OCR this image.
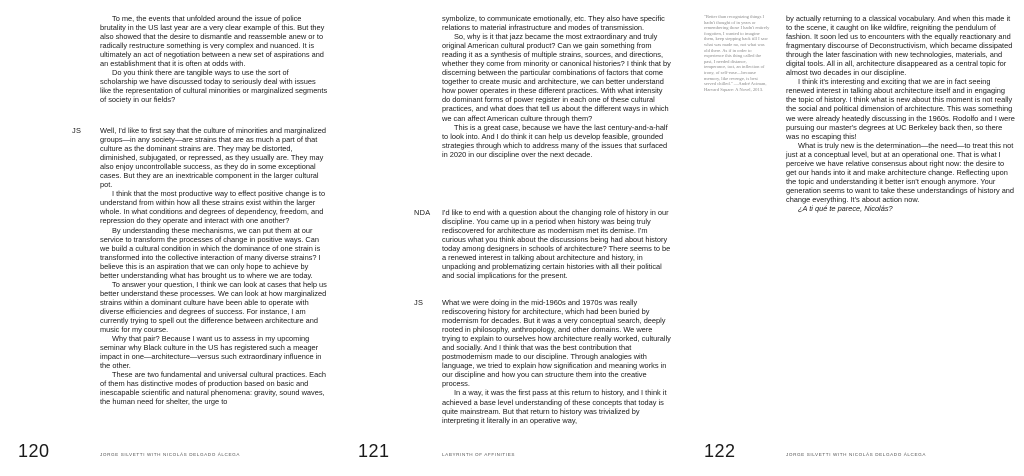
To me, the events that unfolded around the issue of police brutality in the US last year are a very clear example of this. But they also showed that the desire to dismantle and reassemble anew or to radically restructure something is very complex and nuanced. It is ultimately an act of negotiation between a new set of aspirations and an establishment that it is often at odds with.

Do you think there are tangible ways to use the sort of scholarship we have discussed today to seriously deal with issues like the representation of cultural minorities or marginalized segments of society in our fields?

JS	Well, I'd like to first say that the culture of minorities and marginalized groups—in any society—are strains that are as much a part of that culture as the dominant strains are. They may be distorted, diminished, subjugated, or repressed, as they usually are. They may also enjoy uncontrollable success, as they do in some exceptional cases. But they are an inextricable component in the larger cultural pot.

I think that the most productive way to effect positive change is to understand from within how all these strains exist within the larger whole. In what conditions and degrees of dependency, freedom, and repression do they operate and interact with one another?

By understanding these mechanisms, we can put them at our service to transform the processes of change in positive ways. Can we build a cultural condition in which the dominance of one strain is transformed into the collective interaction of many diverse strains? I believe this is an aspiration that we can only hope to achieve by better understanding what has brought us to where we are today.

To answer your question, I think we can look at cases that help us better understand these processes. We can look at how marginalized strains within a dominant culture have been able to operate with diverse efficiencies and degrees of success. For instance, I am currently trying to spell out the difference between architecture and music for my course.

Why that pair? Because I want us to assess in my upcoming seminar why Black culture in the US has registered such a meager impact in one—architecture—versus such extraordinary influence in the other.

These are two fundamental and universal cultural practices. Each of them has distinctive modes of production based on basic and inescapable scientific and natural phenomena: gravity, sound waves, the human need for shelter, the urge to

120	JORGE SILVETTI WITH NICOLÁS DELGADO ÁLCEGA

symbolize, to communicate emotionally, etc. They also have specific relations to material infrastructure and modes of transmission.

So, why is it that jazz became the most extraordinary and truly original American cultural product? Can we gain something from reading it as a synthesis of multiple strains, sources, and directions, whether they come from minority or canonical histories? I think that by discerning between the particular combinations of factors that come together to create music and architecture, we can better understand how power operates in these different practices. With what intensity do dominant forms of power register in each one of these cultural practices, and what does that tell us about the different ways in which we can affect American culture through them?

This is a great case, because we have the last century-and-a-half to look into. And I do think it can help us develop feasible, grounded strategies through which to address many of the issues that surfaced in 2020 in our discipline over the next decade.

NDA I'd like to end with a question about the changing role of history in our discipline. You came up in a period when history was being truly rediscovered for architecture as modernism met its demise. I'm curious what you think about the discussions being had about history today among designers in schools of architecture? There seems to be a renewed interest in talking about architecture and history, in unpacking and problematizing certain histories with all their political and social implications for the present.

JS	What we were doing in the mid-1960s and 1970s was really rediscovering history for architecture, which had been buried by modernism for decades. But it was a very conceptual search, deeply rooted in philosophy, anthropology, and other domains. We were trying to explain to ourselves how architecture really worked, culturally and socially. And I think that was the best contribution that postmodernism made to our discipline. Through analogies with language, we tried to explain how signification and meaning works in our discipline and how you can structure them into the creative process.

In a way, it was the first pass at this return to history, and I think it achieved a base level understanding of these concepts that today is quite mainstream. But that return to history was trivialized by interpreting it literally in an operative way,

121	LABYRINTH OF AFFINITIES

"Better than recognizing things I hadn't thought of in years or remembering those I hadn't entirely forgotten, I wanted to imagine them, keep stepping back till I saw what was made no, not what was old there. As if in order to experience this thing called the past, I needed distance, temperance, tact, an inflection of irony, of self-ease—because memory, like revenge, is best served chilled." —André Aciman, Harvard Square: A Novel, 2013.

by actually returning to a classical vocabulary. And when this made it to the scene, it caught on like wildfire, reigniting the pendulum of fashion. It soon led us to encounters with the equally reactionary and fragmentary discourse of Deconstructivism, which became dissipated through the later fascination with new technologies, materials, and digital tools. All in all, architecture disappeared as a central topic for almost two decades in our discipline.

I think it's interesting and exciting that we are in fact seeing renewed interest in talking about architecture itself and in engaging the topic of history. I think what is new about this moment is not really the social and political dimension of architecture. This was something we were already heatedly discussing in the 1960s. Rodolfo and I were pursuing our master's degrees at UC Berkeley back then, so there was no escaping this!

What is truly new is the determination—the need—to treat this not just at a conceptual level, but at an operational one. That is what I perceive we have relative consensus about right now: the desire to get our hands into it and make architecture change. Reflecting upon the topic and understanding it better isn't enough anymore. Your generation seems to want to take these understandings of history and change everything. It's about action now.

¿A ti qué te parece, Nicolás?

122	JORGE SILVETTI WITH NICOLÁS DELGADO ÁLCEGA
